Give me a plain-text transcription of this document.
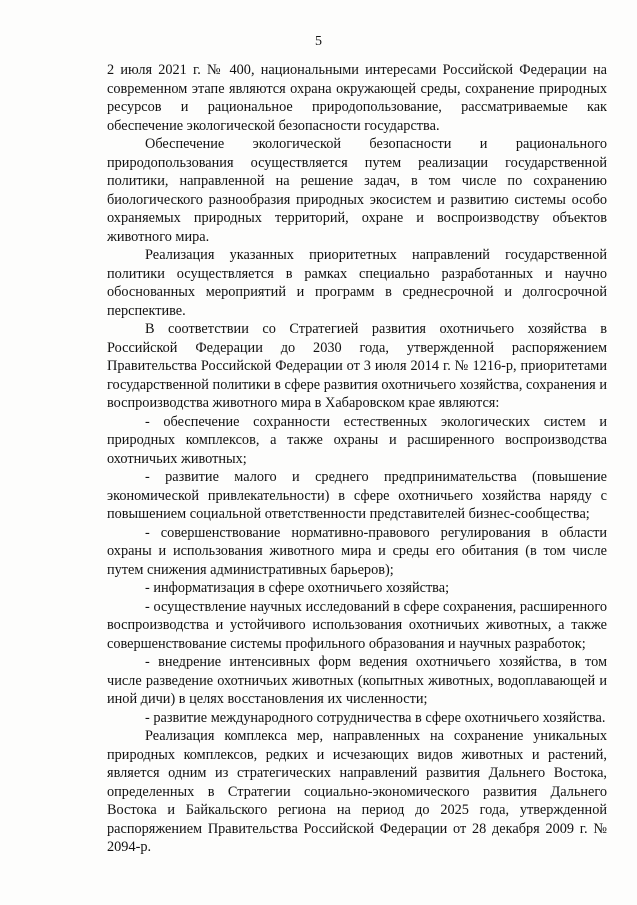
5

2 июля 2021 г. № 400, национальными интересами Российской Федерации на современном этапе являются охрана окружающей среды, сохранение природных ресурсов и рациональное природопользование, рассматриваемые как обеспечение экологической безопасности государства.

Обеспечение экологической безопасности и рационального природопользования осуществляется путем реализации государственной политики, направленной на решение задач, в том числе по сохранению биологического разнообразия природных экосистем и развитию системы особо охраняемых природных территорий, охране и воспроизводству объектов животного мира.

Реализация указанных приоритетных направлений государственной политики осуществляется в рамках специально разработанных и научно обоснованных мероприятий и программ в среднесрочной и долгосрочной перспективе.

В соответствии со Стратегией развития охотничьего хозяйства в Российской Федерации до 2030 года, утвержденной распоряжением Правительства Российской Федерации от 3 июля 2014 г. № 1216-р, приоритетами государственной политики в сфере развития охотничьего хозяйства, сохранения и воспроизводства животного мира в Хабаровском крае являются:

- обеспечение сохранности естественных экологических систем и природных комплексов, а также охраны и расширенного воспроизводства охотничьих животных;

- развитие малого и среднего предпринимательства (повышение экономической привлекательности) в сфере охотничьего хозяйства наряду с повышением социальной ответственности представителей бизнес-сообщества;

- совершенствование нормативно-правового регулирования в области охраны и использования животного мира и среды его обитания (в том числе путем снижения административных барьеров);

- информатизация в сфере охотничьего хозяйства;

- осуществление научных исследований в сфере сохранения, расширенного воспроизводства и устойчивого использования охотничьих животных, а также совершенствование системы профильного образования и научных разработок;

- внедрение интенсивных форм ведения охотничьего хозяйства, в том числе разведение охотничьих животных (копытных животных, водоплавающей и иной дичи) в целях восстановления их численности;

- развитие международного сотрудничества в сфере охотничьего хозяйства.

Реализация комплекса мер, направленных на сохранение уникальных природных комплексов, редких и исчезающих видов животных и растений, является одним из стратегических направлений развития Дальнего Востока, определенных в Стратегии социально-экономического развития Дальнего Востока и Байкальского региона на период до 2025 года, утвержденной распоряжением Правительства Российской Федерации от 28 декабря 2009 г. № 2094-р.
